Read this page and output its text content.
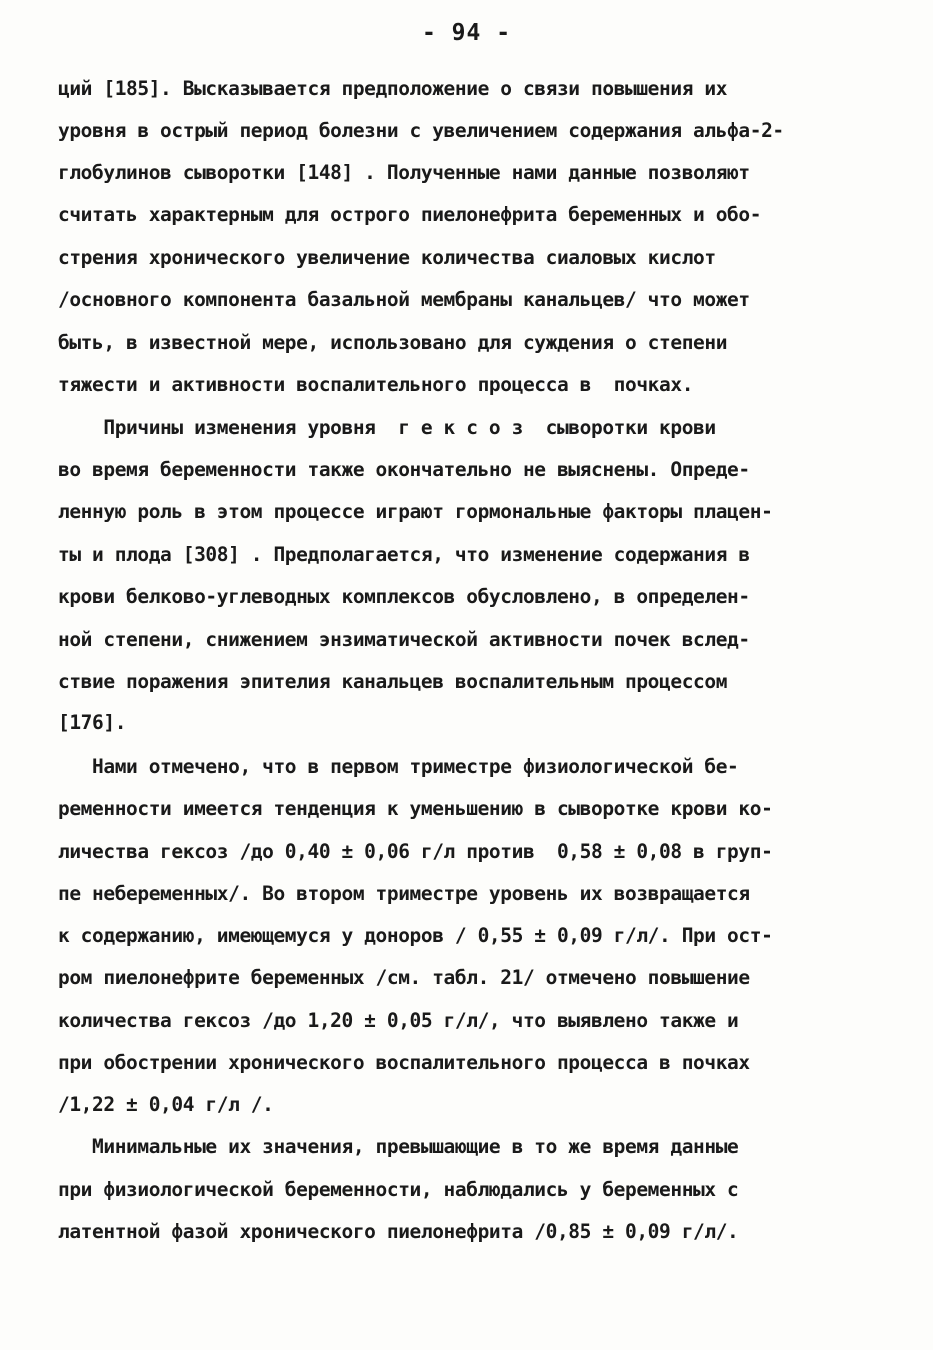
- 94 -
ций [185]. Высказывается предположение о связи повышения их
уровня в острый период болезни с увеличением содержания альфа-2-
глобулинов сыворотки [148] . Полученные нами данные позволяют
считать характерным для острого пиелонефрита беременных и обо-
стрения хронического увеличение количества сиаловых кислот
/основного компонента базальной мембраны канальцев/ что может
быть, в известной мере, использовано для суждения о степени
тяжести и активности воспалительного процесса в  почках.
Причины изменения уровня  г е к с о з  сыворотки крови
во время беременности также окончательно не выяснены. Опреде-
ленную роль в этом процессе играют гормональные факторы плацен-
ты и плода [308] . Предполагается, что изменение содержания в
крови белково-углеводных комплексов обусловлено, в определен-
ной степени, снижением энзиматической активности почек вслед-
ствие поражения эпителия канальцев воспалительным процессом
[176].
Нами отмечено, что в первом триместре физиологической бе-
ременности имеется тенденция к уменьшению в сыворотке крови ко-
личества гексоз /до 0,40 ± 0,06 г/л против  0,58 ± 0,08 в груп-
пе небеременных/. Во втором триместре уровень их возвращается
к содержанию, имеющемуся у доноров / 0,55 ± 0,09 г/л/. При ост-
ром пиелонефрите беременных /см. табл. 21/ отмечено повышение
количества гексоз /до 1,20 ± 0,05 г/л/, что выявлено также и
при обострении хронического воспалительного процесса в почках
/1,22 ± 0,04 г/л /.
Минимальные их значения, превышающие в то же время данные
при физиологической беременности, наблюдались у беременных с
латентной фазой хронического пиелонефрита /0,85 ± 0,09 г/л/.
